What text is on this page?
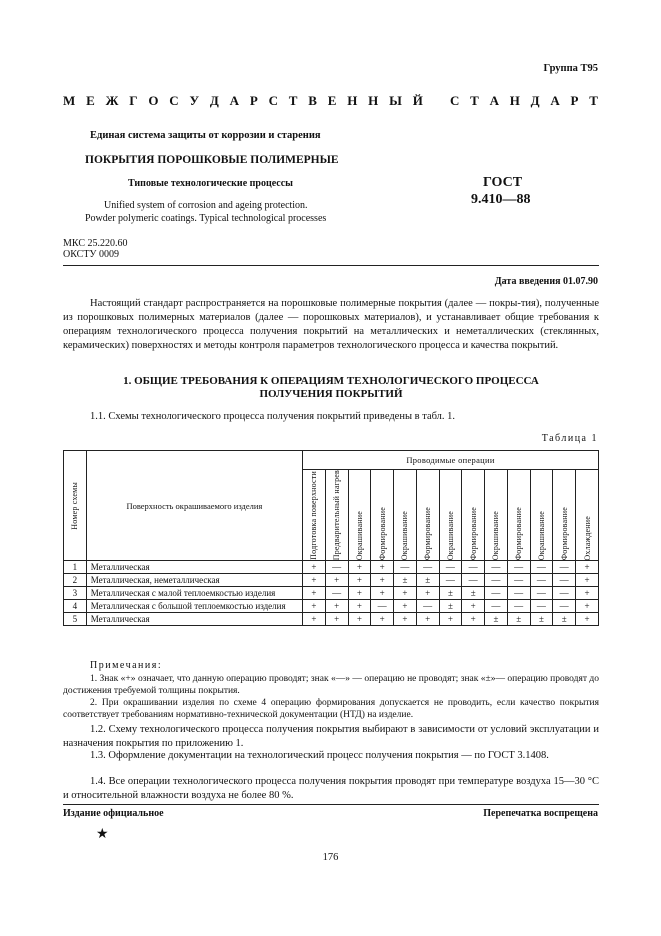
Группа Т95
М Е Ж Г О С У Д А Р С Т В Е Н Н Ы Й С Т А Н Д А Р Т
Единая система защиты от коррозии и старения
ПОКРЫТИЯ ПОРОШКОВЫЕ ПОЛИМЕРНЫЕ
Типовые технологические процессы
Unified system of corrosion and ageing protection.
Powder polymeric coatings. Typical technological processes
ГОСТ
9.410—88
МКС 25.220.60
ОКСТУ 0009
Дата введения 01.07.90
Настоящий стандарт распространяется на порошковые полимерные покрытия (далее — покры-тия), полученные из порошковых полимерных материалов (далее — порошковых материалов), и устанавливает общие требования к операциям технологического процесса получения покрытий на металлических и неметаллических (стеклянных, керамических) поверхностях и методы контроля параметров технологического процесса и качества покрытий.
1. ОБЩИЕ ТРЕБОВАНИЯ К ОПЕРАЦИЯМ ТЕХНОЛОГИЧЕСКОГО ПРОЦЕССА
ПОЛУЧЕНИЯ ПОКРЫТИЙ
1.1. Схемы технологического процесса получения покрытий приведены в табл. 1.
Таблица 1
Номер схемы	Поверхность окрашиваемого изделия	Проводимые операции												

		Подготовка поверхности	Предварительный нагрев	Окрашивание	Формирование	Окрашивание	Формирование	Окрашивание	Формирование	Окрашивание	Формирование	Окрашивание	Формирование	Охлаждение

1	Металлическая	+	—	+	+	—	—	—	—	—	—	—	—	+
2	Металлическая, неметаллическая	+	+	+	+	±	±	—	—	—	—	—	—	+
3	Металлическая с малой теплоемкостью изделия	+	—	+	+	+	+	±	±	—	—	—	—	+
4	Металлическая с большой теплоемкостью изделия	+	+	+	—	+	—	±	+	—	—	—	—	+
5	Металлическая	+	+	+	+	+	+	+	+	±	±	±	±	+
Примечания:
1. Знак «+» означает, что данную операцию проводят; знак «—» — операцию не проводят; знак «±»— операцию проводят до достижения требуемой толщины покрытия.
2. При окрашивании изделия по схеме 4 операцию формирования допускается не проводить, если качество покрытия соответствует требованиям нормативно-технической документации (НТД) на изделие.
1.2. Схему технологического процесса получения покрытия выбирают в зависимости от условий эксплуатации и назначения покрытия по приложению 1.
1.3. Оформление документации на технологический процесс получения покрытия — по ГОСТ 3.1408.
1.4. Все операции технологического процесса получения покрытия проводят при температуре воздуха 15—30 °С и относительной влажности воздуха не более 80 %.
Издание официальное	Перепечатка воспрещена
★
176
